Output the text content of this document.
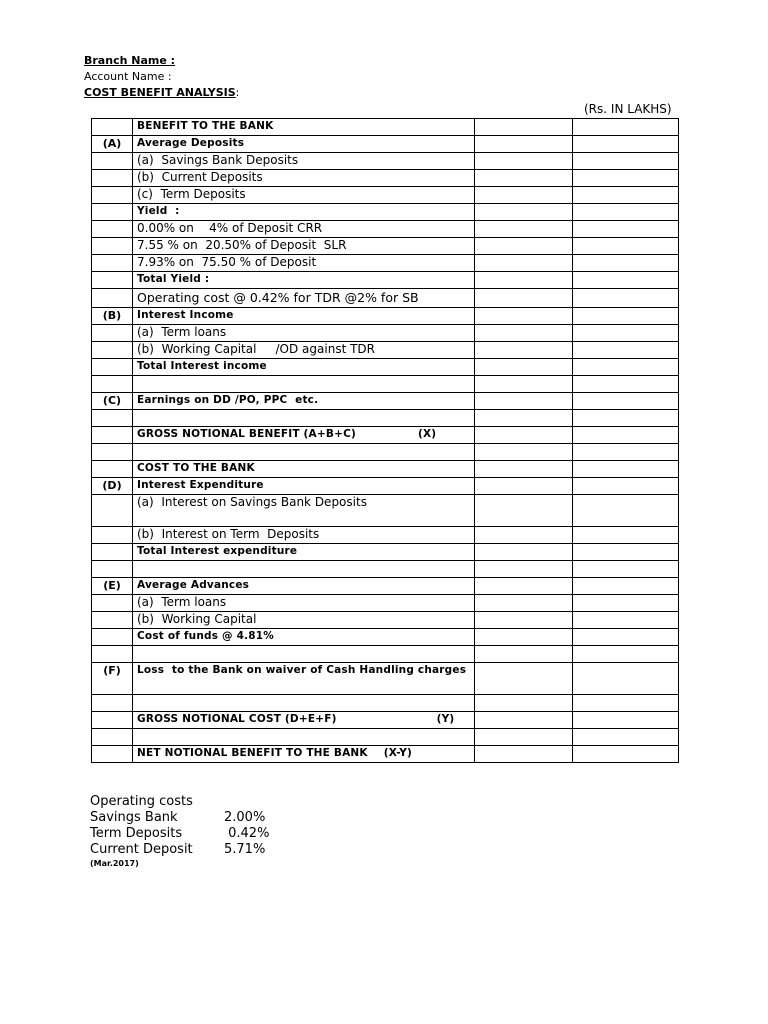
Branch Name :
Account Name :
COST BENEFIT ANALYSIS:
(Rs. IN LAKHS)
	BENEFIT TO THE BANK		
(A)	Average Deposits		
	(a)  Savings Bank Deposits		
	(b)  Current Deposits		
	(c)  Term Deposits		
	Yield  :		
	0.00% on    4% of Deposit CRR		
	7.55 % on  20.50% of Deposit  SLR		
	7.93% on  75.50 % of Deposit		
	Total Yield :		
	Operating cost @ 0.42% for TDR @2% for SB		
(B)	Interest Income		
	(a)  Term loans		
	(b)  Working Capital     /OD against TDR		
	Total Interest income		

(C)	Earnings on DD /PO, PPC  etc.		

	GROSS NOTIONAL BENEFIT (A+B+C) (X)		

	COST TO THE BANK		
(D)	Interest Expenditure		
	(a)  Interest on Savings Bank Deposits		
	(b)  Interest on Term  Deposits		
	Total Interest expenditure		

(E)	Average Advances		
	(a)  Term loans		
	(b)  Working Capital		
	Cost of funds @ 4.81%		

(F)	Loss  to the Bank on waiver of Cash Handling charges		

	GROSS NOTIONAL COST (D+E+F) (Y)		

	NET NOTIONAL BENEFIT TO THE BANK (X-Y)		

Operating costs
Savings Bank	2.00%
Term Deposits	0.42%
Current Deposit	5.71%
(Mar.2017)
